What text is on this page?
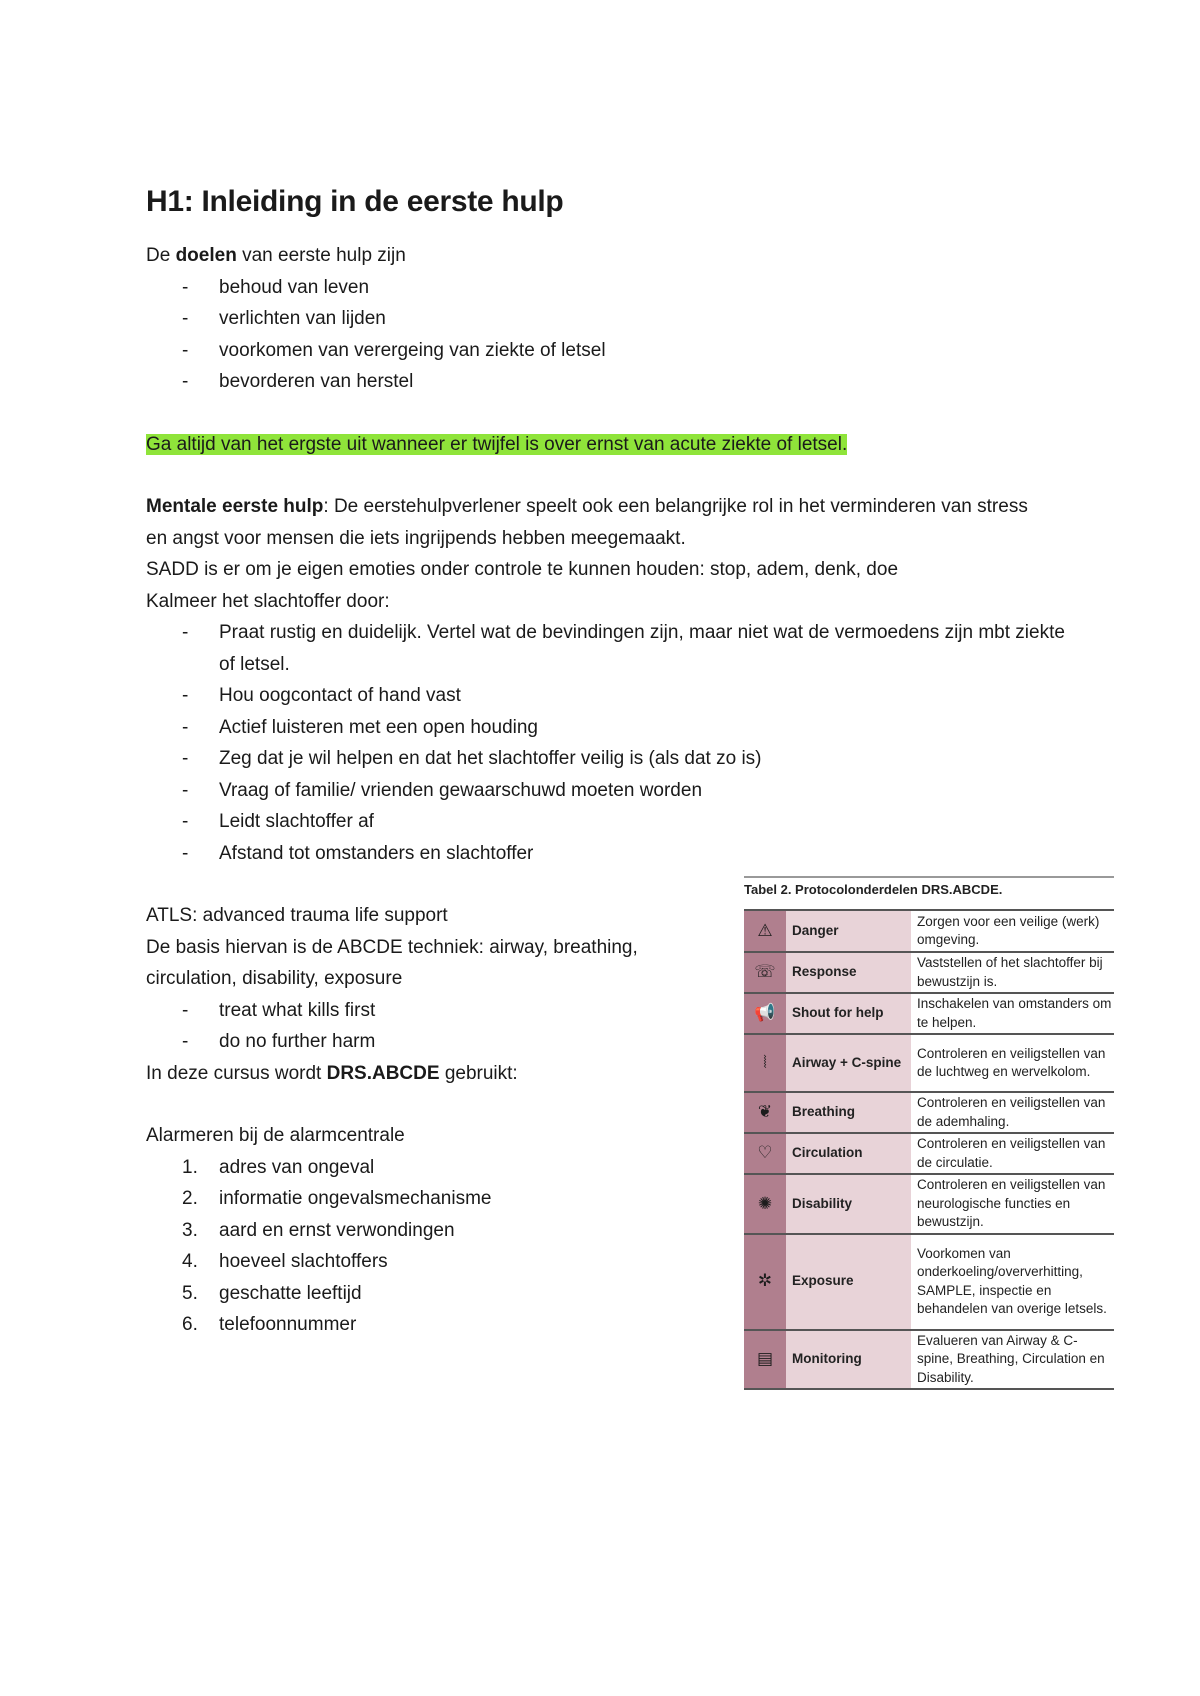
H1: Inleiding in de eerste hulp

De doelen van eerste hulp zijn

- behoud van leven
- verlichten van lijden
- voorkomen van verergeing van ziekte of letsel
- bevorderen van herstel

Ga altijd van het ergste uit wanneer er twijfel is over ernst van acute ziekte of letsel.

Mentale eerste hulp: De eerstehulpverlener speelt ook een belangrijke rol in het verminderen van stress en angst voor mensen die iets ingrijpends hebben meegemaakt.

SADD is er om je eigen emoties onder controle te kunnen houden: stop, adem, denk, doe

Kalmeer het slachtoffer door:

- Praat rustig en duidelijk. Vertel wat de bevindingen zijn, maar niet wat de vermoedens zijn mbt ziekte of letsel.
- Hou oogcontact of hand vast
- Actief luisteren met een open houding
- Zeg dat je wil helpen en dat het slachtoffer veilig is (als dat zo is)
- Vraag of familie/ vrienden gewaarschuwd moeten worden
- Leidt slachtoffer af
- Afstand tot omstanders en slachtoffer

ATLS: advanced trauma life support

De basis hiervan is de ABCDE techniek: airway, breathing, circulation, disability, exposure

- treat what kills first
- do no further harm

In deze cursus wordt DRS.ABCDE gebruikt:

Alarmeren bij de alarmcentrale

1. adres van ongeval
2. informatie ongevalsmechanisme
3. aard en ernst verwondingen
4. hoeveel slachtoffers
5. geschatte leeftijd
6. telefoonnummer
Tabel 2. Protocolonderdelen DRS.ABCDE.
⚠	Danger	Zorgen voor een veilige (werk) omgeving.
☏	Response	Vaststellen of het slachtoffer bij bewustzijn is.
📢	Shout for help	Inschakelen van omstanders om te helpen.
⦚	Airway + C-spine	Controleren en veiligstellen van de luchtweg en wervelkolom.
❦	Breathing	Controleren en veiligstellen van de ademhaling.
♡	Circulation	Controleren en veiligstellen van de circulatie.
✺	Disability	Controleren en veiligstellen van neurologische functies en bewustzijn.
✲	Exposure	Voorkomen van onderkoeling/oververhitting, SAMPLE, inspectie en behandelen van overige letsels.
▤	Monitoring	Evalueren van Airway & C-spine, Breathing, Circulation en Disability.
